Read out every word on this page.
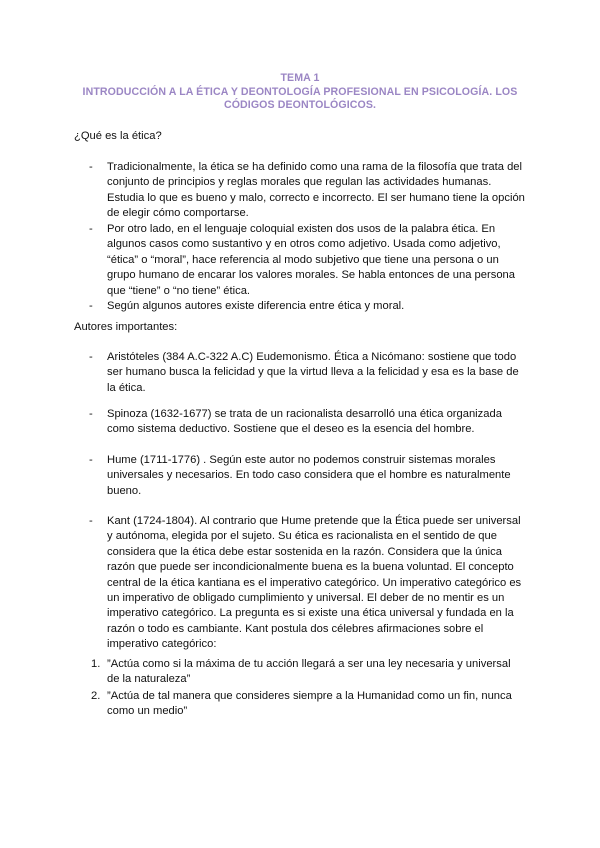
TEMA 1
INTRODUCCIÓN A LA ÉTICA Y DEONTOLOGÍA PROFESIONAL EN PSICOLOGÍA. LOS CÓDIGOS DEONTOLÓGICOS.
¿Qué es la ética?
-	Tradicionalmente, la ética se ha definido como una rama de la filosofía que trata del conjunto de principios y reglas morales que regulan las actividades humanas. Estudia lo que es bueno y malo, correcto e incorrecto. El ser humano tiene la opción de elegir cómo comportarse.
-	Por otro lado, en el lenguaje coloquial existen dos usos de la palabra ética. En algunos casos como sustantivo y en otros como adjetivo. Usada como adjetivo, “ética” o “moral”, hace referencia al modo subjetivo que tiene una persona o un grupo humano de encarar los valores morales. Se habla entonces de una persona que “tiene” o “no tiene” ética.
-	Según algunos autores existe diferencia entre ética y moral.
Autores importantes:
-	Aristóteles (384 A.C-322 A.C) Eudemonismo. Ética a Nicómano: sostiene que todo ser humano busca la felicidad y que la virtud lleva a la felicidad y esa es la base de la ética.
-	Spinoza (1632-1677) se trata de un racionalista desarrolló una ética organizada como sistema deductivo. Sostiene que el deseo es la esencia del hombre.
-	Hume (1711-1776) . Según este autor no podemos construir sistemas morales universales y necesarios. En todo caso considera que el hombre es naturalmente bueno.
-	Kant (1724-1804). Al contrario que Hume pretende que la Ética puede ser universal y autónoma, elegida por el sujeto. Su ética es racionalista en el sentido de que considera que la ética debe estar sostenida en la razón. Considera que la única razón que puede ser incondicionalmente buena es la buena voluntad. El concepto central de la ética kantiana es el imperativo categórico. Un imperativo categórico es un imperativo de obligado cumplimiento y universal. El deber de no mentir es un imperativo categórico. La pregunta es si existe una ética universal y fundada en la razón o todo es cambiante. Kant postula dos célebres afirmaciones sobre el imperativo categórico:
1. ”Actúa como si la máxima de tu acción llegará a ser una ley necesaria y universal de la naturaleza”
2. ”Actúa de tal manera que consideres siempre a la Humanidad como un fin, nunca como un medio”
